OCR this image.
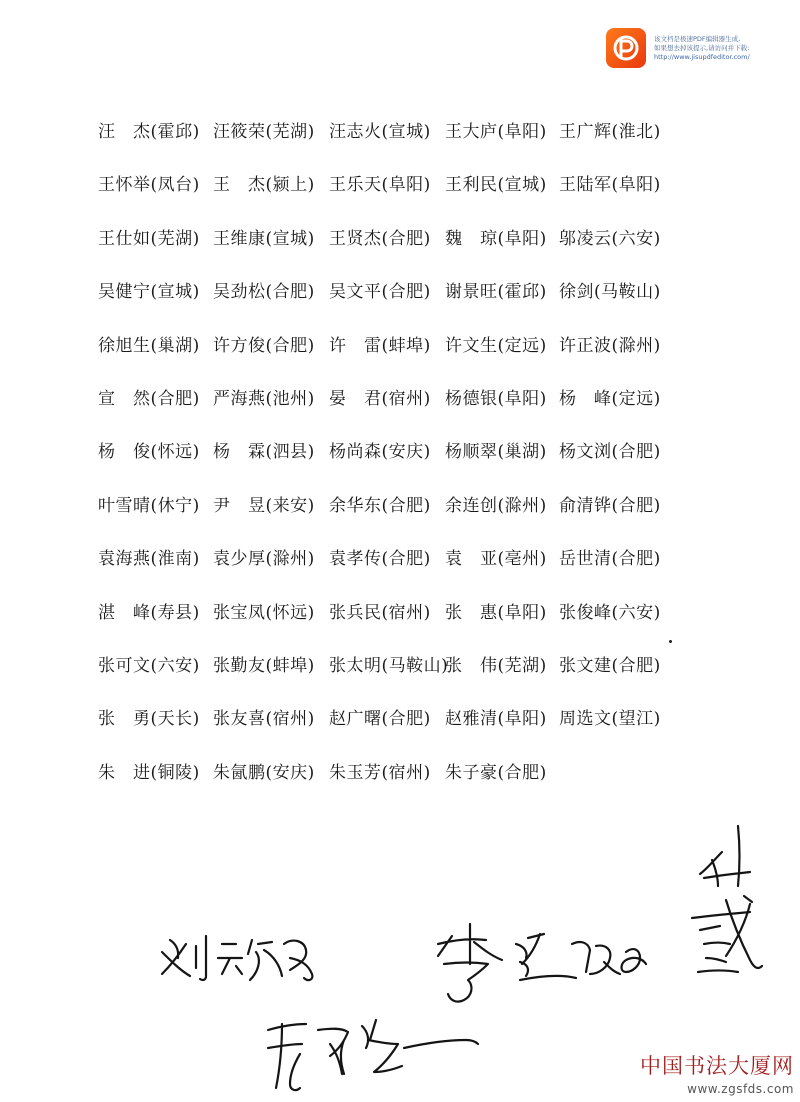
该文档是极速PDF编辑器生成,
如果想去掉该提示,请访问并下载:
http://www.jisupdfeditor.com/
汪　杰(霍邱) 汪筱荣(芜湖) 汪志火(宣城) 王大庐(阜阳) 王广辉(淮北)
王怀举(凤台) 王　杰(颍上) 王乐天(阜阳) 王利民(宣城) 王陆军(阜阳)
王仕如(芜湖) 王维康(宣城) 王贤杰(合肥) 魏　琼(阜阳) 邬凌云(六安)
吴健宁(宣城) 吴劲松(合肥) 吴文平(合肥) 谢景旺(霍邱) 徐剑(马鞍山)
徐旭生(巢湖) 许方俊(合肥) 许　雷(蚌埠) 许文生(定远) 许正波(滁州)
宣　然(合肥) 严海燕(池州) 晏　君(宿州) 杨德银(阜阳) 杨　峰(定远)
杨　俊(怀远) 杨　霖(泗县) 杨尚森(安庆) 杨顺翠(巢湖) 杨文浏(合肥)
叶雪晴(休宁) 尹　昱(来安) 余华东(合肥) 余连创(滁州) 俞清铧(合肥)
袁海燕(淮南) 袁少厚(滁州) 袁孝传(合肥) 袁　亚(亳州) 岳世清(合肥)
湛　峰(寿县) 张宝凤(怀远) 张兵民(宿州) 张　惠(阜阳) 张俊峰(六安)
张可文(六安) 张勤友(蚌埠) 张太明(马鞍山)
张　伟(芜湖) 张文建(合肥)
张　勇(天长) 张友喜(宿州) 赵广曙(合肥) 赵雅清(阜阳) 周选文(望江)
朱　进(铜陵) 朱氤鹏(安庆) 朱玉芳(宿州) 朱子豪(合肥)
中国书法大厦网
www.zgsfds.com
